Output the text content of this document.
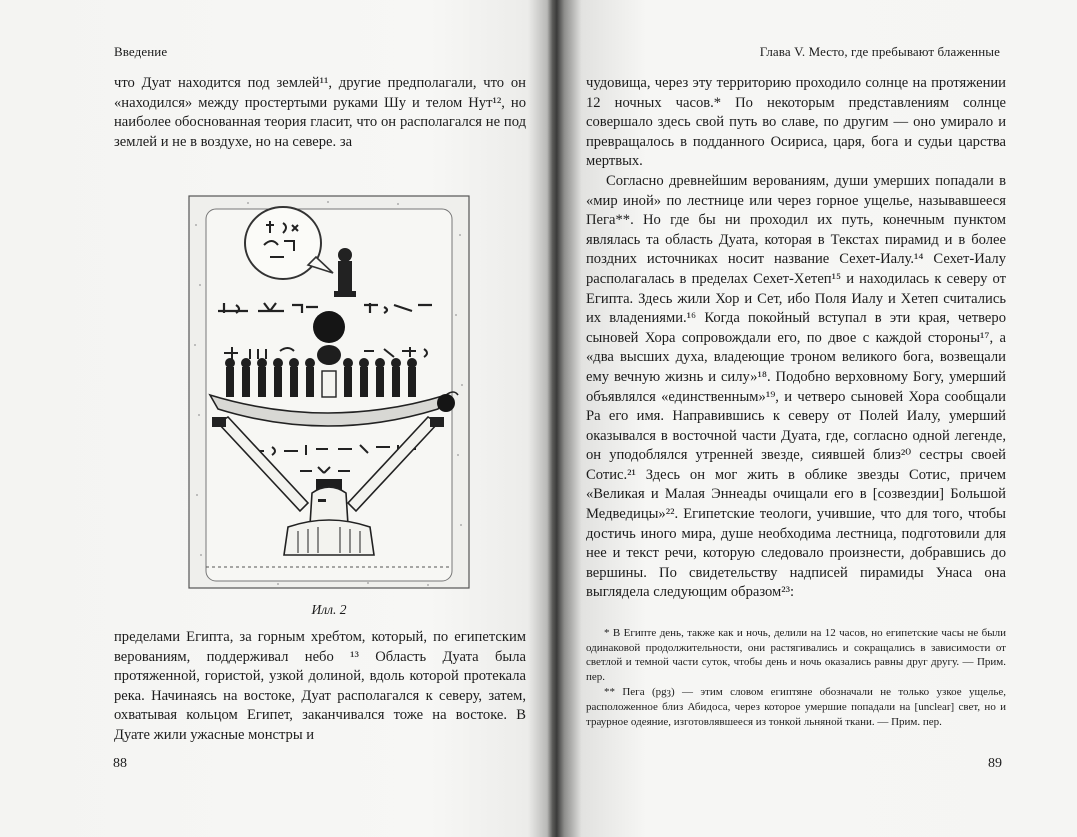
Введение

что Дуат находится под землей¹¹, другие предполагали, что он «находился» между простертыми руками Шу и телом Нут¹², но наиболее обоснованная теория гласит, что он располагался не под землей и не в воздухе, но на севере. за

Илл. 2

пределами Египта, за горным хребтом, который, по египетским верованиям, поддерживал небо ¹³ Область Дуата была протяженной, гористой, узкой долиной, вдоль которой протекала река. Начинаясь на востоке, Дуат располагался к северу, затем, охватывая кольцом Египет, заканчивался тоже на востоке. В Дуате жили ужасные монстры и

88
Глава V. Место, где пребывают блаженные

чудовища, через эту территорию проходило солнце на протяжении 12 ночных часов.* По некоторым представлениям солнце совершало здесь свой путь во славе, по другим — оно умирало и превращалось в подданного Осириса, царя, бога и судьи царства мертвых.

Согласно древнейшим верованиям, души умерших попадали в «мир иной» по лестнице или через горное ущелье, называвшееся Пега**. Но где бы ни проходил их путь, конечным пунктом являлась та область Дуата, которая в Текстах пирамид и в более поздних источниках носит название Сехет-Иалу.¹⁴ Сехет-Иалу располагалась в пределах Сехет-Хетеп¹⁵ и находилась к северу от Египта. Здесь жили Хор и Сет, ибо Поля Иалу и Хетеп считались их владениями.¹⁶ Когда покойный вступал в эти края, четверо сыновей Хора сопровождали его, по двое с каждой стороны¹⁷, а «два высших духа, владеющие троном великого бога, возвещали ему вечную жизнь и силу»¹⁸. Подобно верховному Богу, умерший объявлялся «единственным»¹⁹, и четверо сыновей Хора сообщали Ра его имя. Направившись к северу от Полей Иалу, умерший оказывался в восточной части Дуата, где, согласно одной легенде, он уподоблялся утренней звезде, сиявшей близ²⁰ сестры своей Сотис.²¹ Здесь он мог жить в облике звезды Сотис, причем «Великая и Малая Эннеады очищали его в [созвездии] Большой Медведицы»²². Египетские теологи, учившие, что для того, чтобы достичь иного мира, душе необходима лестница, подготовили для нее и текст речи, которую следовало произнести, добравшись до вершины. По свидетельству надписей пирамиды Унаса она выглядела следующим образом²³:

* В Египте день, также как и ночь, делили на 12 часов, но египетские часы не были одинаковой продолжительности, они растягивались и сокращались в зависимости от светлой и темной части суток, чтобы день и ночь оказались равны друг другу. — Прим. пер.

** Пега (pgȝ) — этим словом египтяне обозначали не только узкое ущелье, расположенное близ Абидоса, через которое умершие попадали на [unclear] свет, но и траурное одеяние, изготовлявшееся из тонкой льняной ткани. — Прим. пер.

89
